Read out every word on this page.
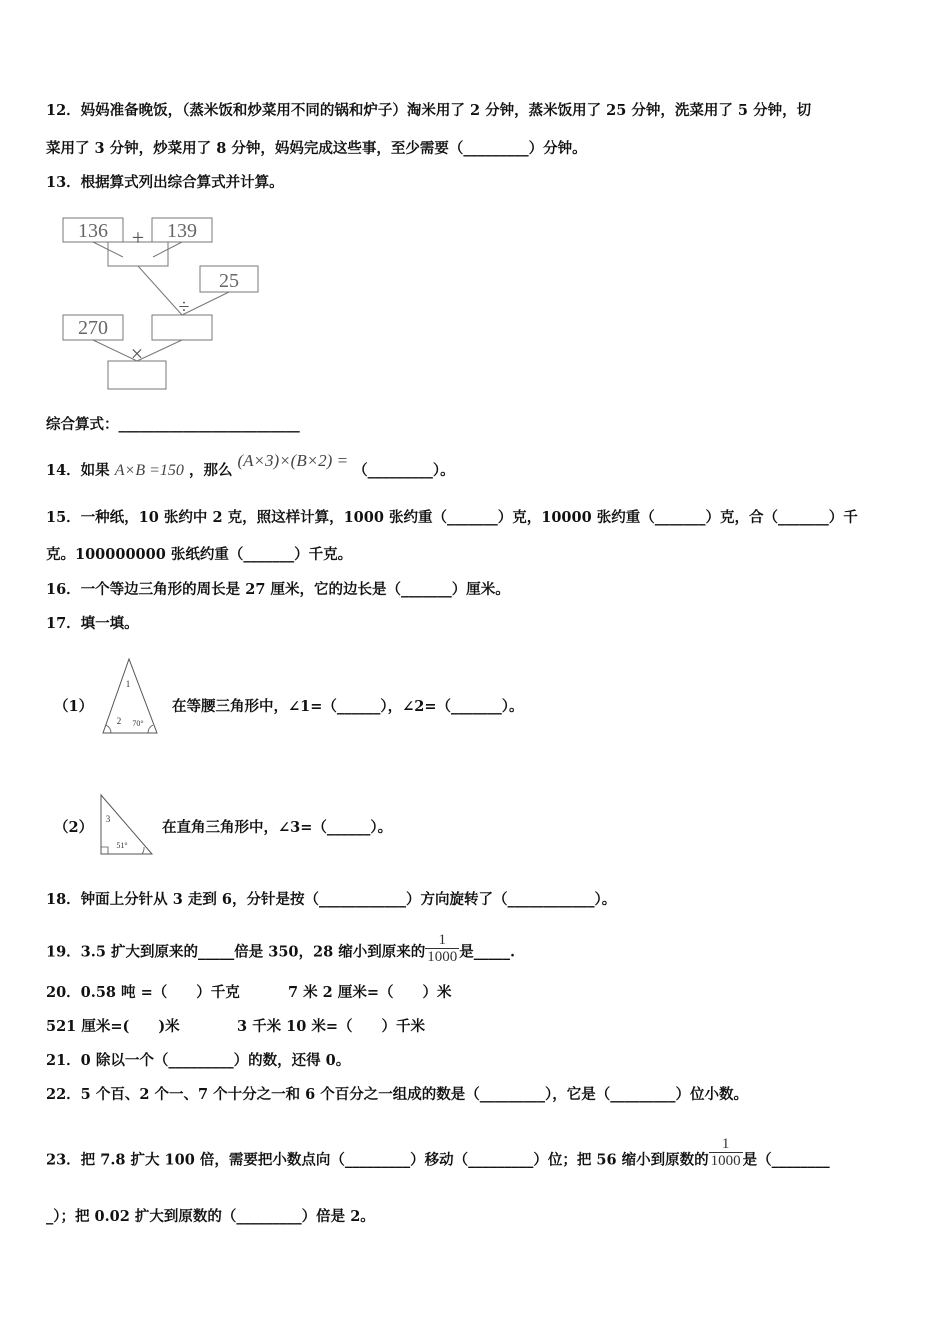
12．妈妈准备晚饭，（蒸米饭和炒菜用不同的锅和炉子）淘米用了 2 分钟，蒸米饭用了 25 分钟，洗菜用了 5 分钟，切
菜用了 3 分钟，炒菜用了 8 分钟，妈妈完成这些事，至少需要（_________）分钟。
13．根据算式列出综合算式并计算。
136	139
+
25
÷
270
×
综合算式：_________________________
14．如果 A×B =150 ，那么 (A×3)×(B×2) = （_________）。
15．一种纸，10 张约中 2 克，照这样计算，1000 张约重（_______）克，10000 张约重（_______）克，合（_______）千
克。100000000 张纸约重（_______）千克。
16．一个等边三角形的周长是 27 厘米，它的边长是（_______）厘米。
17．填一填。
（1）
1
2 70°
在等腰三角形中，∠1=（______），∠2=（_______）。
（2） 3
51°
在直角三角形中，∠3=（______）。
18．钟面上分针从 3 走到 6，分针是按（____________）方向旋转了（____________）。
19．3.5 扩大到原来的_____倍是 350，28 缩小到原来的 $\frac{1}{1000}$ 是_____.
20．0.58 吨 =（　　）千克	7 米 2 厘米=（　　）米
521 厘米=(　　)米	3 千米 10 米=（　　）千米
21．0 除以一个（_________）的数，还得 0。
22．5 个百、2 个一、7 个十分之一和 6 个百分之一组成的数是（_________），它是（_________）位小数。
23．把 7.8 扩大 100 倍，需要把小数点向（_________）移动（_________）位；把 56 缩小到原数的 $\frac{1}{1000}$ 是（________
_）；把 0.02 扩大到原数的（_________）倍是 2。
